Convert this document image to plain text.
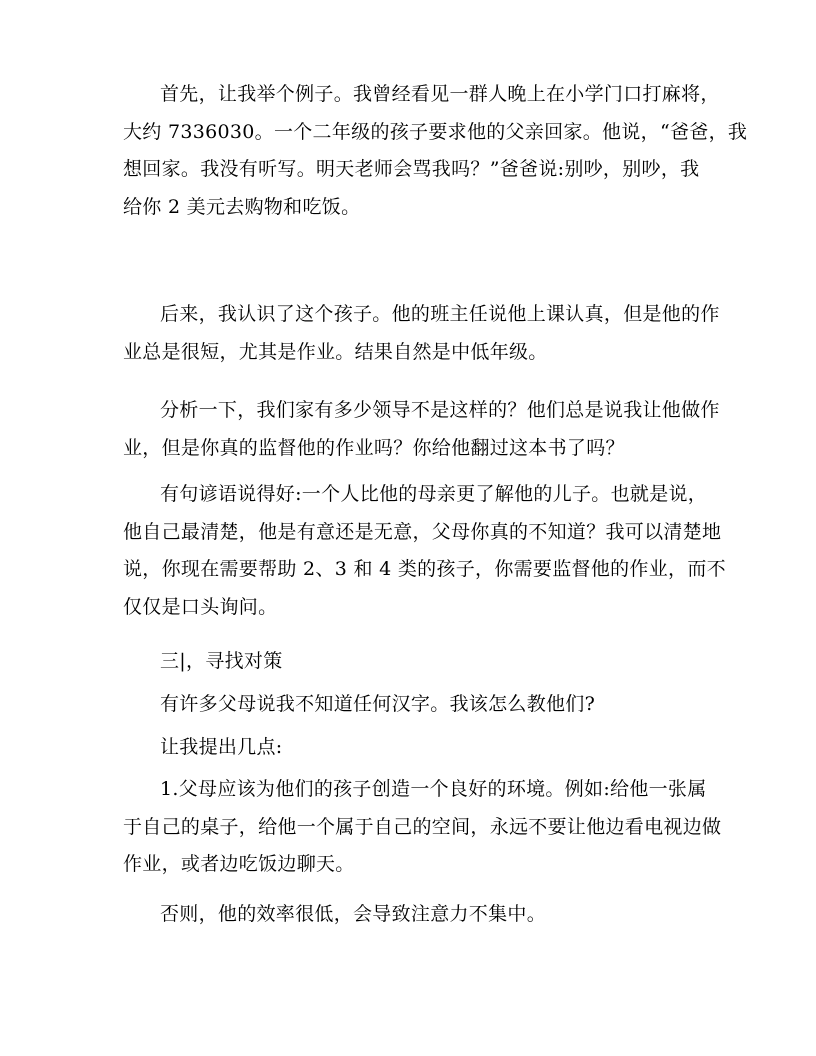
首先，让我举个例子。我曾经看见一群人晚上在小学门口打麻将，
大约 7336030。一个二年级的孩子要求他的父亲回家。他说，“爸爸，我
想回家。我没有听写。明天老师会骂我吗？”爸爸说:别吵，别吵，我
给你 2 美元去购物和吃饭。

后来，我认识了这个孩子。他的班主任说他上课认真，但是他的作
业总是很短，尤其是作业。结果自然是中低年级。

分析一下，我们家有多少领导不是这样的？他们总是说我让他做作
业，但是你真的监督他的作业吗？你给他翻过这本书了吗？

有句谚语说得好:一个人比他的母亲更了解他的儿子。也就是说，
他自己最清楚，他是有意还是无意，父母你真的不知道？我可以清楚地
说，你现在需要帮助 2、3 和 4 类的孩子，你需要监督他的作业，而不
仅仅是口头询问。

三|，寻找对策

有许多父母说我不知道任何汉字。我该怎么教他们?

让我提出几点:

1.父母应该为他们的孩子创造一个良好的环境。例如:给他一张属
于自己的桌子，给他一个属于自己的空间，永远不要让他边看电视边做
作业，或者边吃饭边聊天。

否则，他的效率很低，会导致注意力不集中。
